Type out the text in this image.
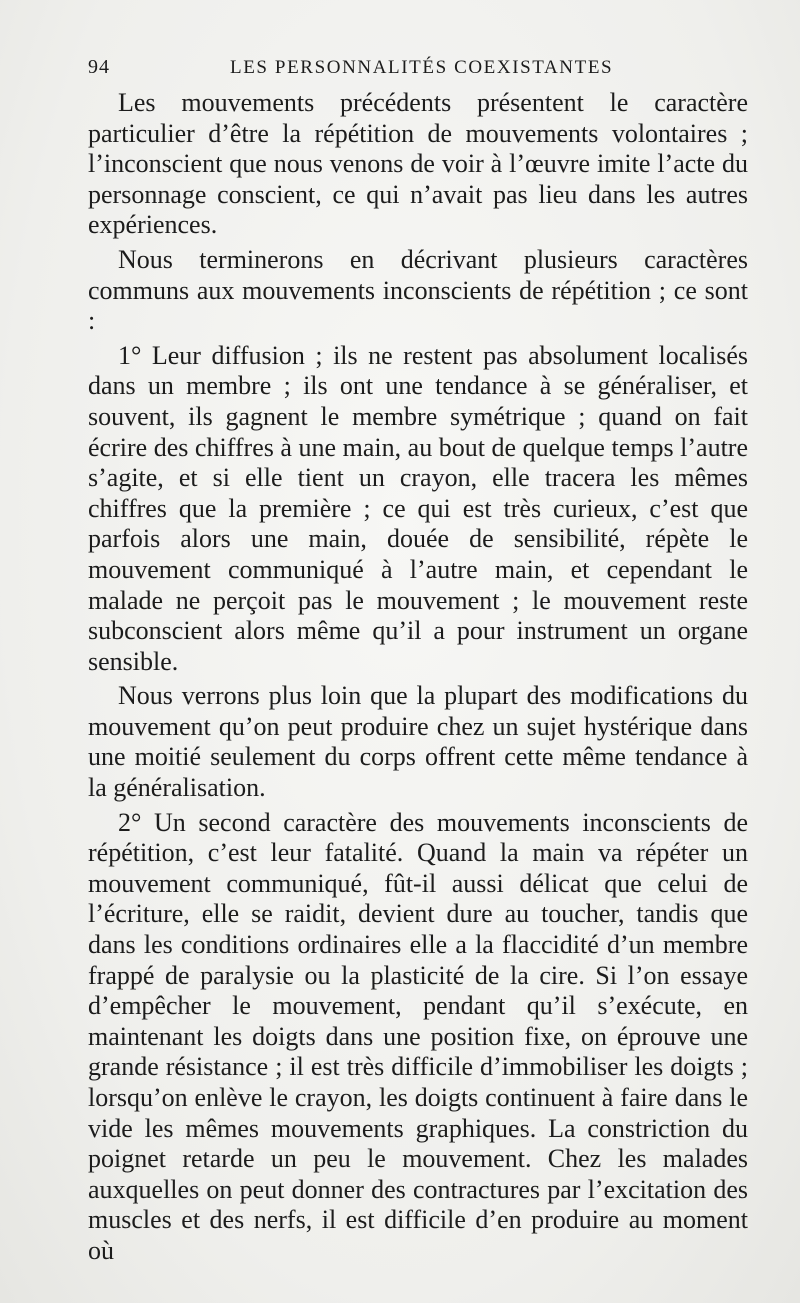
94	LES PERSONNALITÉS COEXISTANTES

Les mouvements précédents présentent le caractère particulier d’être la répétition de mouvements volontaires ; l’inconscient que nous venons de voir à l’œuvre imite l’acte du personnage conscient, ce qui n’avait pas lieu dans les autres expériences.

Nous terminerons en décrivant plusieurs caractères communs aux mouvements inconscients de répétition ; ce sont :

1° Leur diffusion ; ils ne restent pas absolument localisés dans un membre ; ils ont une tendance à se généraliser, et souvent, ils gagnent le membre symétrique ; quand on fait écrire des chiffres à une main, au bout de quelque temps l’autre s’agite, et si elle tient un crayon, elle tracera les mêmes chiffres que la première ; ce qui est très curieux, c’est que parfois alors une main, douée de sensibilité, répète le mouvement communiqué à l’autre main, et cependant le malade ne perçoit pas le mouvement ; le mouvement reste subconscient alors même qu’il a pour instrument un organe sensible.

Nous verrons plus loin que la plupart des modifications du mouvement qu’on peut produire chez un sujet hystérique dans une moitié seulement du corps offrent cette même tendance à la généralisation.

2° Un second caractère des mouvements inconscients de répétition, c’est leur fatalité. Quand la main va répéter un mouvement communiqué, fût-il aussi délicat que celui de l’écriture, elle se raidit, devient dure au toucher, tandis que dans les conditions ordinaires elle a la flaccidité d’un membre frappé de paralysie ou la plasticité de la cire. Si l’on essaye d’empêcher le mouvement, pendant qu’il s’exécute, en maintenant les doigts dans une position fixe, on éprouve une grande résistance ; il est très difficile d’immobiliser les doigts ; lorsqu’on enlève le crayon, les doigts continuent à faire dans le vide les mêmes mouvements graphiques. La constriction du poignet retarde un peu le mouvement. Chez les malades auxquelles on peut donner des contractures par l’excitation des muscles et des nerfs, il est difficile d’en produire au moment où
